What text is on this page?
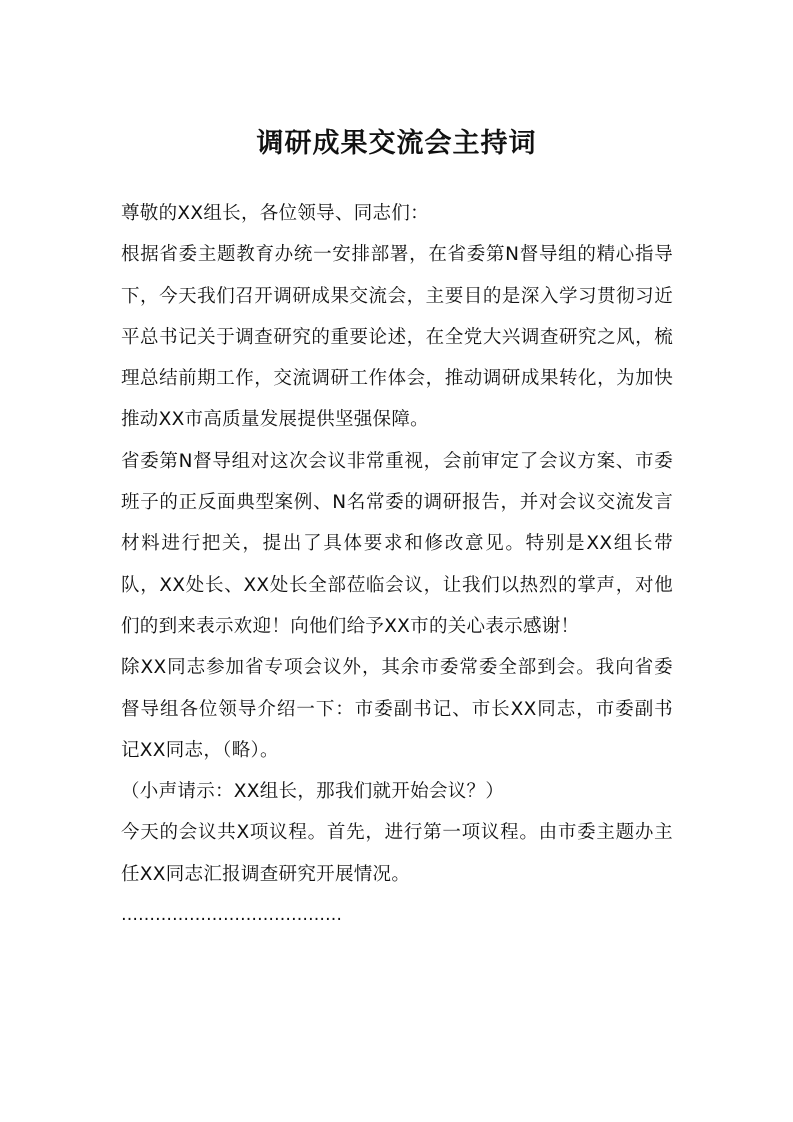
调研成果交流会主持词

尊敬的XX组长，各位领导、同志们：

根据省委主题教育办统一安排部署，在省委第N督导组的精心指导下，今天我们召开调研成果交流会，主要目的是深入学习贯彻习近平总书记关于调查研究的重要论述，在全党大兴调查研究之风，梳理总结前期工作，交流调研工作体会，推动调研成果转化，为加快推动XX市高质量发展提供坚强保障。

省委第N督导组对这次会议非常重视，会前审定了会议方案、市委班子的正反面典型案例、N名常委的调研报告，并对会议交流发言材料进行把关，提出了具体要求和修改意见。特别是XX组长带队，XX处长、XX处长全部莅临会议，让我们以热烈的掌声，对他们的到来表示欢迎！向他们给予XX市的关心表示感谢！

除XX同志参加省专项会议外，其余市委常委全部到会。我向省委督导组各位领导介绍一下：市委副书记、市长XX同志，市委副书记XX同志，（略）。

（小声请示：XX组长，那我们就开始会议？）

今天的会议共X项议程。首先，进行第一项议程。由市委主题办主任XX同志汇报调查研究开展情况。

…………………………………
